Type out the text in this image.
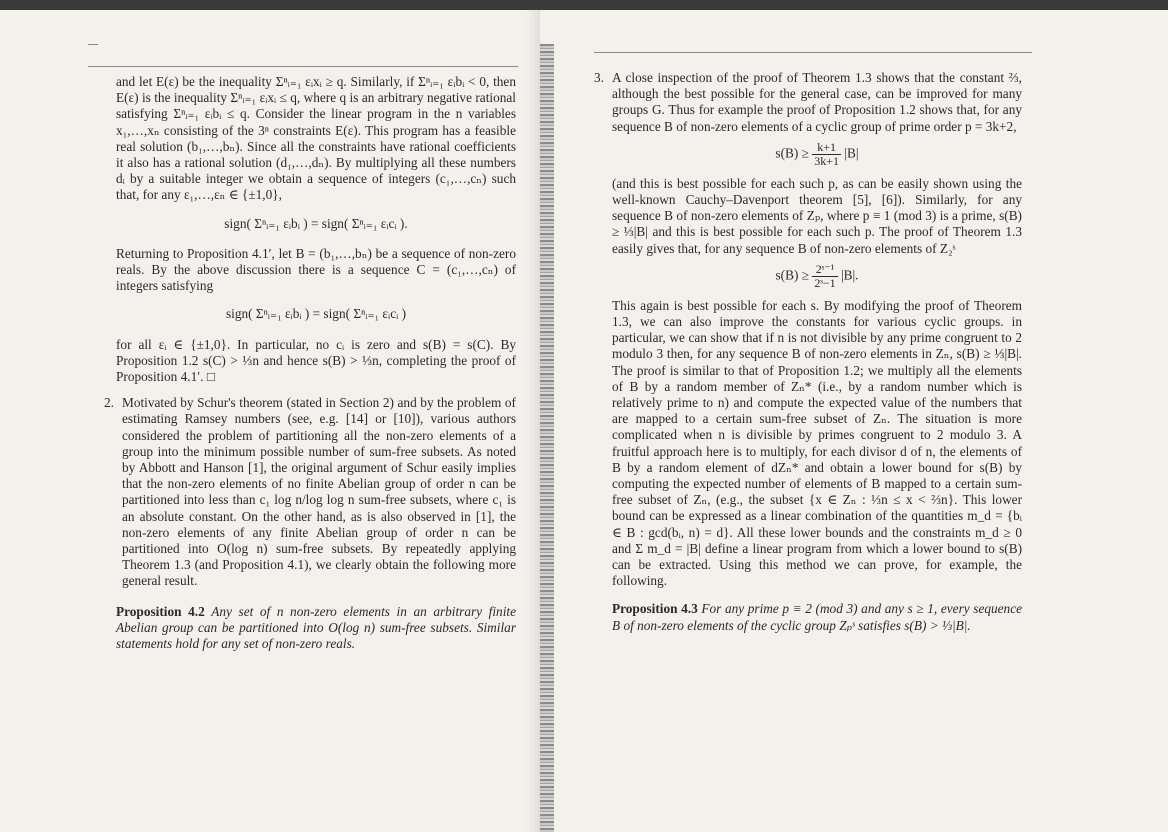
and let E(ε) be the inequality Σⁿᵢ₌₁ εᵢxᵢ ≥ q. Similarly, if Σⁿᵢ₌₁ εᵢbᵢ < 0, then E(ε) is the inequality Σⁿᵢ₌₁ εᵢxᵢ ≤ q, where q is an arbitrary negative rational satisfying Σⁿᵢ₌₁ εᵢbᵢ ≤ q. Consider the linear program in the n variables x₁,…,xₙ consisting of the 3ⁿ constraints E(ε). This program has a feasible real solution (b₁,…,bₙ). Since all the constraints have rational coefficients it also has a rational solution (d₁,…,dₙ). By multiplying all these numbers dᵢ by a suitable integer we obtain a sequence of integers (c₁,…,cₙ) such that, for any ε₁,…,εₙ ∈ {±1,0},

sign( Σⁿᵢ₌₁ εᵢbᵢ ) = sign( Σⁿᵢ₌₁ εᵢcᵢ ).

Returning to Proposition 4.1′, let B = (b₁,…,bₙ) be a sequence of non-zero reals. By the above discussion there is a sequence C = (c₁,…,cₙ) of integers satisfying

sign( Σⁿᵢ₌₁ εᵢbᵢ ) = sign( Σⁿᵢ₌₁ εᵢcᵢ )

for all εᵢ ∈ {±1,0}. In particular, no cᵢ is zero and s(B) = s(C). By Proposition 1.2 s(C) > ⅓n and hence s(B) > ⅓n, completing the proof of Proposition 4.1′. □

2. Motivated by Schur's theorem (stated in Section 2) and by the problem of estimating Ramsey numbers (see, e.g. [14] or [10]), various authors considered the problem of partitioning all the non-zero elements of a group into the minimum possible number of sum-free subsets. As noted by Abbott and Hanson [1], the original argument of Schur easily implies that the non-zero elements of no finite Abelian group of order n can be partitioned into less than c₁ log n/log log n sum-free subsets, where c₁ is an absolute constant. On the other hand, as is also observed in [1], the non-zero elements of any finite Abelian group of order n can be partitioned into O(log n) sum-free subsets. By repeatedly applying Theorem 1.3 (and Proposition 4.1), we clearly obtain the following more general result.

Proposition 4.2 Any set of n non-zero elements in an arbitrary finite Abelian group can be partitioned into O(log n) sum-free subsets. Similar statements hold for any set of non-zero reals.

3. A close inspection of the proof of Theorem 1.3 shows that the constant ⅔, although the best possible for the general case, can be improved for many groups G. Thus for example the proof of Proposition 1.2 shows that, for any sequence B of non-zero elements of a cyclic group of prime order p = 3k+2,

$s(B) \ge \frac{k+1}{3k+1} |B|$

(and this is best possible for each such p, as can be easily shown using the well-known Cauchy–Davenport theorem [5], [6]). Similarly, for any sequence B of non-zero elements of Zₚ, where p ≡ 1 (mod 3) is a prime, s(B) ≥ ⅓|B| and this is best possible for each such p. The proof of Theorem 1.3 easily gives that, for any sequence B of non-zero elements of Z₂ˢ

$s(B) \ge \frac{\text{2ˢ⁻¹}}{\text{2ˢ−1}} |B|$.

This again is best possible for each s. By modifying the proof of Theorem 1.3, we can also improve the constants for various cyclic groups. in particular, we can show that if n is not divisible by any prime congruent to 2 modulo 3 then, for any sequence B of non-zero elements in Zₙ, s(B) ≥ ⅓|B|. The proof is similar to that of Proposition 1.2; we multiply all the elements of B by a random member of Zₙ* (i.e., by a random number which is relatively prime to n) and compute the expected value of the numbers that are mapped to a certain sum-free subset of Zₙ. The situation is more complicated when n is divisible by primes congruent to 2 modulo 3. A fruitful approach here is to multiply, for each divisor d of n, the elements of B by a random element of dZₙ* and obtain a lower bound for s(B) by computing the expected number of elements of B mapped to a certain sum-free subset of Zₙ, (e.g., the subset {x ∈ Zₙ : ⅓n ≤ x < ⅔n}. This lower bound can be expressed as a linear combination of the quantities m_d = {bᵢ ∈ B : gcd(bᵢ, n) = d}. All these lower bounds and the constraints m_d ≥ 0 and Σ m_d = |B| define a linear program from which a lower bound to s(B) can be extracted. Using this method we can prove, for example, the following.

Proposition 4.3 For any prime p ≡ 2 (mod 3) and any s ≥ 1, every sequence B of non-zero elements of the cyclic group Zₚˢ satisfies s(B) > ⅓|B|.
